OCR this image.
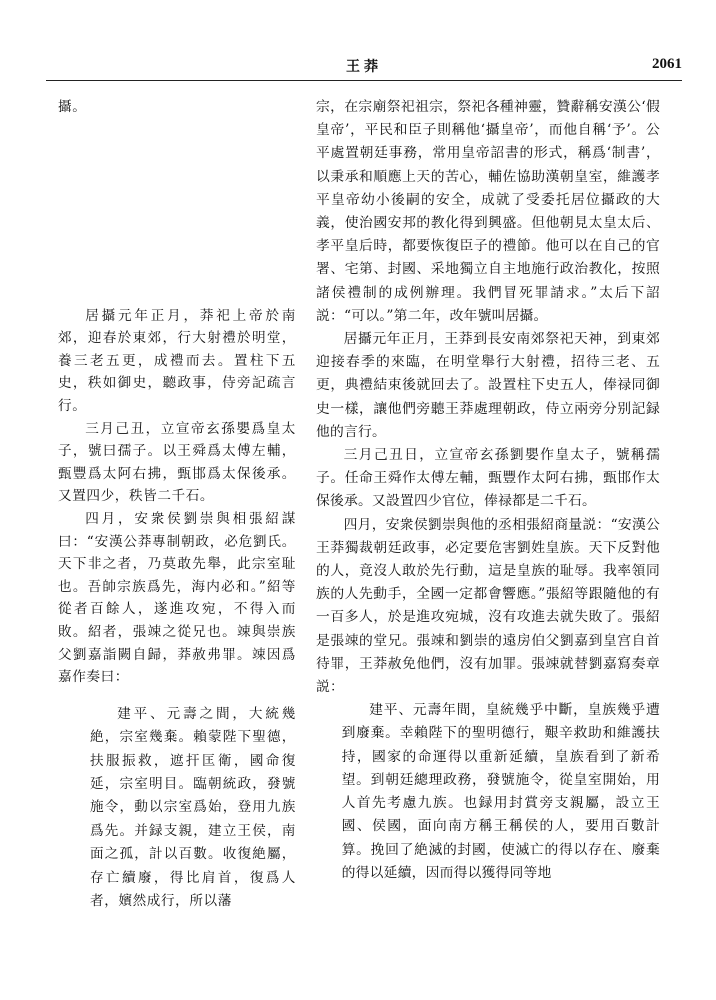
王莽	2061

攝。

居攝元年正月，莽祀上帝於南郊，迎春於東郊，行大射禮於明堂，養三老五更，成禮而去。置柱下五史，秩如御史，聽政事，侍旁記疏言行。

三月己丑，立宣帝玄孫嬰爲皇太子，號曰孺子。以王舜爲太傅左輔，甄豐爲太阿右拂，甄邯爲太保後承。又置四少，秩皆二千石。

四月，安衆侯劉崇與相張紹謀曰：“安漢公莽專制朝政，必危劉氏。天下非之者，乃莫敢先舉，此宗室耻也。吾帥宗族爲先，海内必和。”紹等從者百餘人，遂進攻宛，不得入而敗。紹者，張竦之從兄也。竦與崇族父劉嘉詣闕自歸，莽赦弗罪。竦因爲嘉作奏曰：

建平、元壽之間，大統幾絶，宗室幾棄。賴蒙陛下聖德，扶服振救，遮扞匡衛，國命復延，宗室明目。臨朝統政，發號施令，動以宗室爲始，登用九族爲先。并録支親，建立王侯，南面之孤，計以百數。收復絶屬，存亡續廢，得比肩首，復爲人者，嬪然成行，所以藩

宗，在宗廟祭祀祖宗，祭祀各種神靈，贊辭稱安漢公‘假皇帝’，平民和臣子則稱他‘攝皇帝’，而他自稱‘予’。公平處置朝廷事務，常用皇帝詔書的形式，稱爲‘制書’，以秉承和順應上天的苦心，輔佐協助漢朝皇室，維護孝平皇帝幼小後嗣的安全，成就了受委托居位攝政的大義，使治國安邦的教化得到興盛。但他朝見太皇太后、孝平皇后時，都要恢復臣子的禮節。他可以在自己的官署、宅第、封國、采地獨立自主地施行政治教化，按照諸侯禮制的成例辦理。我們冒死罪請求。”太后下詔説：“可以。”第二年，改年號叫居攝。

居攝元年正月，王莽到長安南郊祭祀天神，到東郊迎接春季的來臨，在明堂舉行大射禮，招待三老、五更，典禮結束後就回去了。設置柱下史五人，俸禄同御史一樣，讓他們旁聽王莽處理朝政，侍立兩旁分别記録他的言行。

三月己丑日，立宣帝玄孫劉嬰作皇太子，號稱孺子。任命王舜作太傅左輔，甄豐作太阿右拂，甄邯作太保後承。又設置四少官位，俸禄都是二千石。

四月，安衆侯劉崇與他的丞相張紹商量説：“安漢公王莽獨裁朝廷政事，必定要危害劉姓皇族。天下反對他的人，竟沒人敢於先行動，這是皇族的耻辱。我率領同族的人先動手，全國一定都會響應。”張紹等跟隨他的有一百多人，於是進攻宛城，沒有攻進去就失敗了。張紹是張竦的堂兄。張竦和劉崇的遠房伯父劉嘉到皇宫自首待罪，王莽赦免他們，沒有加罪。張竦就替劉嘉寫奏章説：

建平、元壽年間，皇統幾乎中斷，皇族幾乎遭到廢棄。幸賴陛下的聖明德行，艱辛救助和維護扶持，國家的命運得以重新延續，皇族看到了新希望。到朝廷總理政務，發號施令，從皇室開始，用人首先考慮九族。也録用封賞旁支親屬，設立王國、侯國，面向南方稱王稱侯的人，要用百數計算。挽回了絶滅的封國，使滅亡的得以存在、廢棄的得以延續，因而得以獲得同等地
